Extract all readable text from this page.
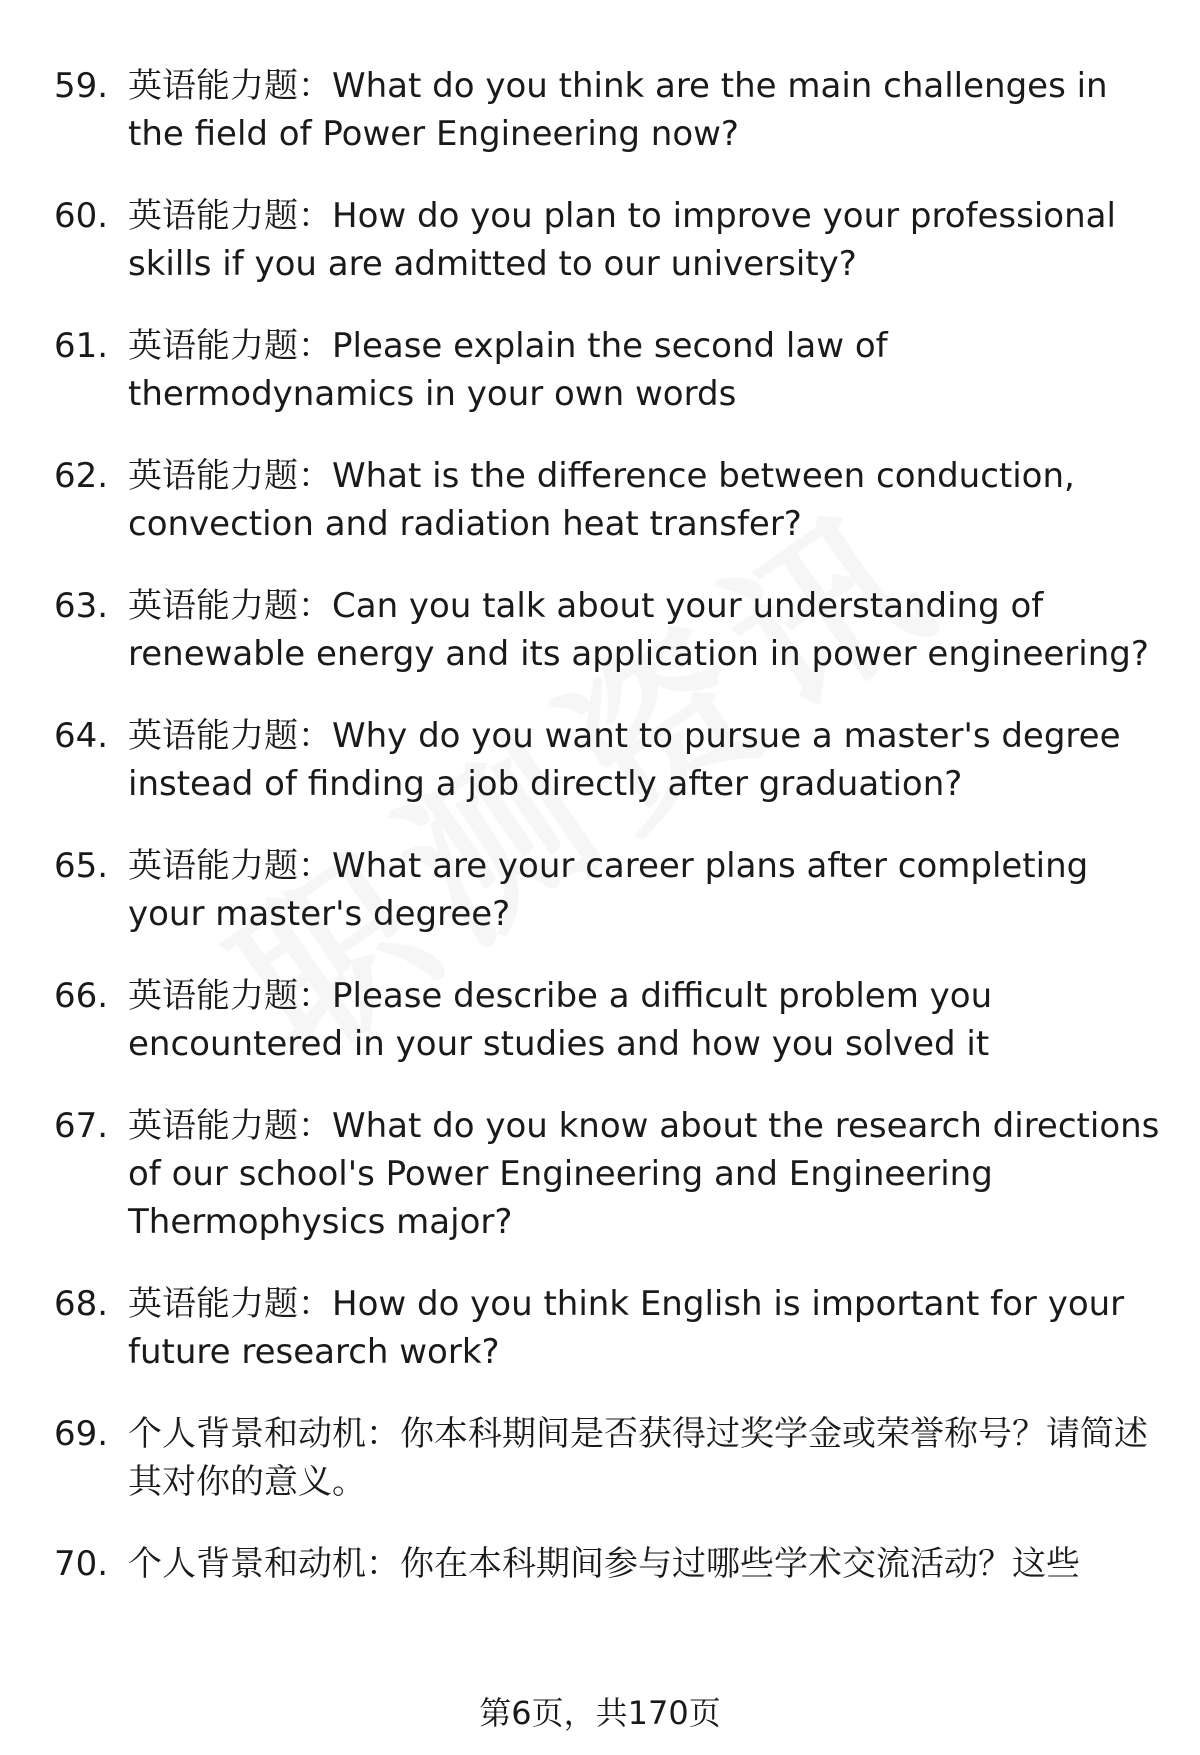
59. 英语能力题：What do you think are the main challenges in the field of Power Engineering now?
60. 英语能力题：How do you plan to improve your professional skills if you are admitted to our university?
61. 英语能力题：Please explain the second law of thermodynamics in your own words
62. 英语能力题：What is the difference between conduction, convection and radiation heat transfer?
63. 英语能力题：Can you talk about your understanding of renewable energy and its application in power engineering?
64. 英语能力题：Why do you want to pursue a master's degree instead of finding a job directly after graduation?
65. 英语能力题：What are your career plans after completing your master's degree?
66. 英语能力题：Please describe a difficult problem you encountered in your studies and how you solved it
67. 英语能力题：What do you know about the research directions of our school's Power Engineering and Engineering Thermophysics major?
68. 英语能力题：How do you think English is important for your future research work?
69. 个人背景和动机：你本科期间是否获得过奖学金或荣誉称号？请简述其对你的意义。
70. 个人背景和动机：你在本科期间参与过哪些学术交流活动？这些
第6页，共170页
